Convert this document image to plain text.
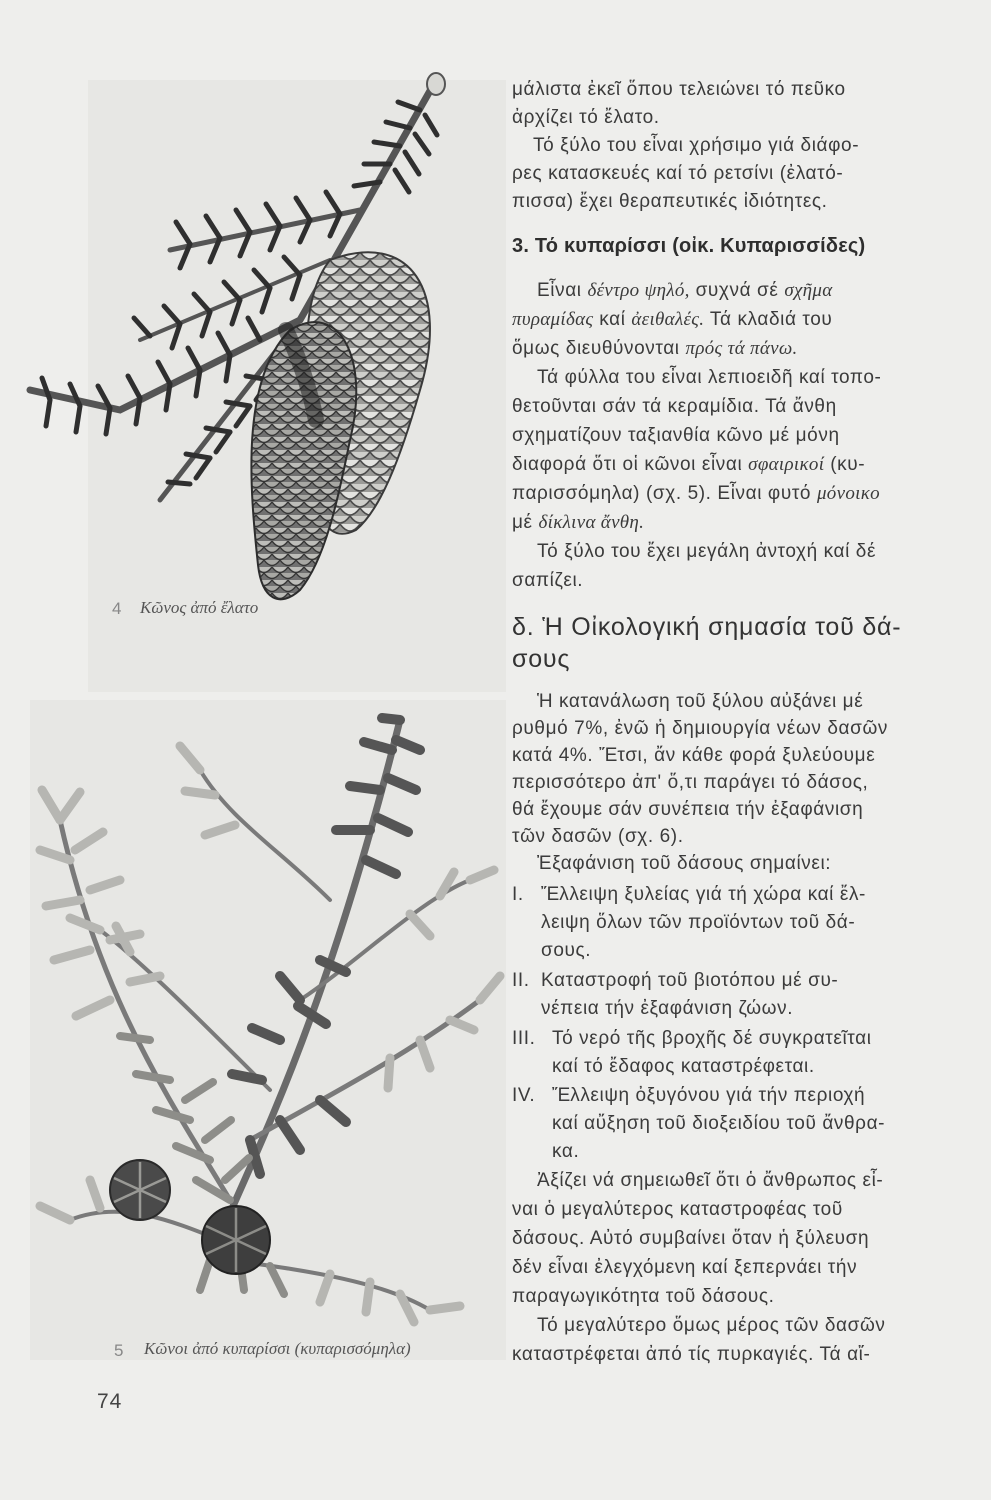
4 Κῶνος ἀπό ἔλατο
5 Κῶνοι ἀπό κυπαρίσσι (κυπαρισσόμηλα)
74
μάλιστα ἐκεῖ ὅπου τελειώνει τό πεῦκο
ἀρχίζει τό ἔλατο.
Τό ξύλο του εἶναι χρήσιμο γιά διάφο-
ρες κατασκευές καί τό ρετσίνι (ἐλατό-
πισσα) ἔχει θεραπευτικές ἰδιότητες.
3. Τό κυπαρίσσι (οἰκ. Κυπαρισσίδες)
Εἶναι δέντρο ψηλό, συχνά σέ σχῆμα
πυραμίδας καί ἀειθαλές. Τά κλαδιά του
ὅμως διευθύνονται πρός τά πάνω.
Τά φύλλα του εἶναι λεπιοειδῆ καί τοπο-
θετοῦνται σάν τά κεραμίδια. Τά ἄνθη
σχηματίζουν ταξιανθία κῶνο μέ μόνη
διαφορά ὅτι οἱ κῶνοι εἶναι σφαιρικοί (κυ-
παρισσόμηλα) (σχ. 5). Εἶναι φυτό μόνοικο
μέ δίκλινα ἄνθη.
Τό ξύλο του ἔχει μεγάλη ἀντοχή καί δέ
σαπίζει.
δ. Ἡ Οἰκολογική σημασία τοῦ δά-
σους
Ἡ κατανάλωση τοῦ ξύλου αὐξάνει μέ
ρυθμό 7%, ἐνῶ ἡ δημιουργία νέων δασῶν
κατά 4%. Ἔτσι, ἄν κάθε φορά ξυλεύουμε
περισσότερο ἀπ' ὅ,τι παράγει τό δάσος,
θά ἔχουμε σάν συνέπεια τήν ἐξαφάνιση
τῶν δασῶν (σχ. 6).
Ἐξαφάνιση τοῦ δάσους σημαίνει:
I. Ἔλλειψη ξυλείας γιά τή χώρα καί ἔλ-
λειψη ὅλων τῶν προϊόντων τοῦ δά-
σους.
II. Καταστροφή τοῦ βιοτόπου μέ συ-
νέπεια τήν ἐξαφάνιση ζώων.
III. Τό νερό τῆς βροχῆς δέ συγκρατεῖται
καί τό ἔδαφος καταστρέφεται.
IV. Ἔλλειψη ὀξυγόνου γιά τήν περιοχή
καί αὔξηση τοῦ διοξειδίου τοῦ ἄνθρα-
κα.
Ἀξίζει νά σημειωθεῖ ὅτι ὁ ἄνθρωπος εἶ-
ναι ὁ μεγαλύτερος καταστροφέας τοῦ
δάσους. Αὐτό συμβαίνει ὅταν ἡ ξύλευση
δέν εἶναι ἐλεγχόμενη καί ξεπερνάει τήν
παραγωγικότητα τοῦ δάσους.
Τό μεγαλύτερο ὅμως μέρος τῶν δασῶν
καταστρέφεται ἀπό τίς πυρκαγιές. Τά αἴ-
